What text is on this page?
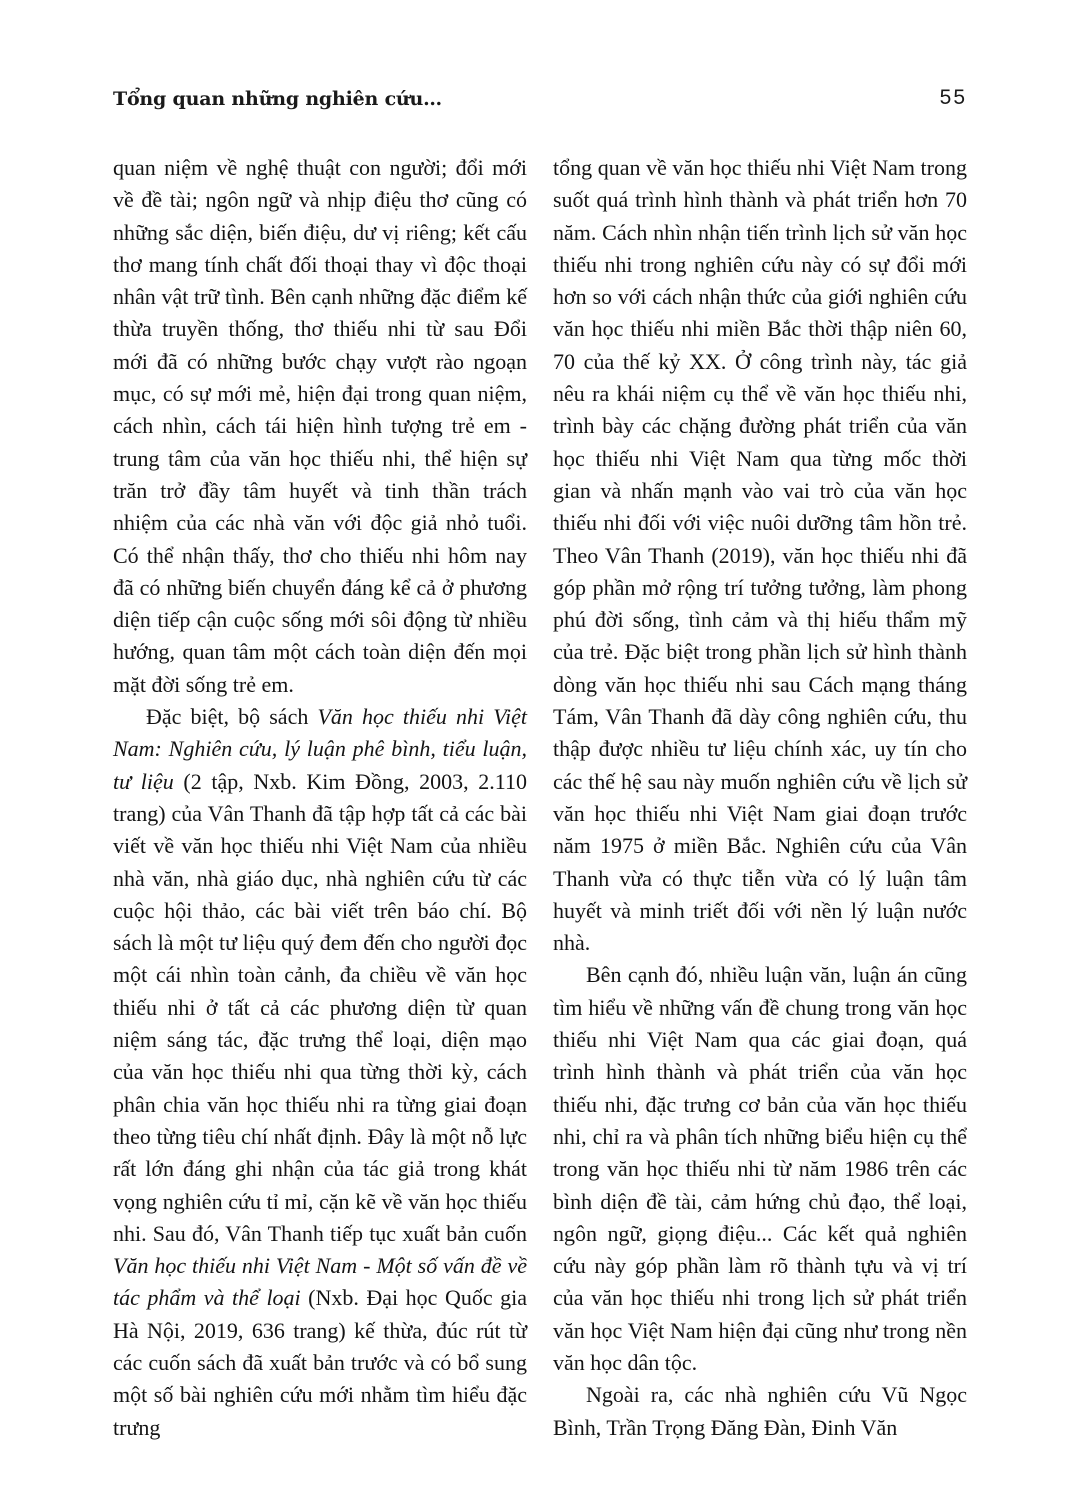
Tổng quan những nghiên cứu…	55

quan niệm về nghệ thuật con người; đổi mới về đề tài; ngôn ngữ và nhịp điệu thơ cũng có những sắc diện, biến điệu, dư vị riêng; kết cấu thơ mang tính chất đối thoại thay vì độc thoại nhân vật trữ tình. Bên cạnh những đặc điểm kế thừa truyền thống, thơ thiếu nhi từ sau Đổi mới đã có những bước chạy vượt rào ngoạn mục, có sự mới mẻ, hiện đại trong quan niệm, cách nhìn, cách tái hiện hình tượng trẻ em - trung tâm của văn học thiếu nhi, thể hiện sự trăn trở đầy tâm huyết và tinh thần trách nhiệm của các nhà văn với độc giả nhỏ tuổi. Có thể nhận thấy, thơ cho thiếu nhi hôm nay đã có những biến chuyển đáng kể cả ở phương diện tiếp cận cuộc sống mới sôi động từ nhiều hướng, quan tâm một cách toàn diện đến mọi mặt đời sống trẻ em.

Đặc biệt, bộ sách Văn học thiếu nhi Việt Nam: Nghiên cứu, lý luận phê bình, tiểu luận, tư liệu (2 tập, Nxb. Kim Đồng, 2003, 2.110 trang) của Vân Thanh đã tập hợp tất cả các bài viết về văn học thiếu nhi Việt Nam của nhiều nhà văn, nhà giáo dục, nhà nghiên cứu từ các cuộc hội thảo, các bài viết trên báo chí. Bộ sách là một tư liệu quý đem đến cho người đọc một cái nhìn toàn cảnh, đa chiều về văn học thiếu nhi ở tất cả các phương diện từ quan niệm sáng tác, đặc trưng thể loại, diện mạo của văn học thiếu nhi qua từng thời kỳ, cách phân chia văn học thiếu nhi ra từng giai đoạn theo từng tiêu chí nhất định. Đây là một nỗ lực rất lớn đáng ghi nhận của tác giả trong khát vọng nghiên cứu tỉ mỉ, cặn kẽ về văn học thiếu nhi. Sau đó, Vân Thanh tiếp tục xuất bản cuốn Văn học thiếu nhi Việt Nam - Một số vấn đề về tác phẩm và thể loại (Nxb. Đại học Quốc gia Hà Nội, 2019, 636 trang) kế thừa, đúc rút từ các cuốn sách đã xuất bản trước và có bổ sung một số bài nghiên cứu mới nhằm tìm hiểu đặc trưng

tổng quan về văn học thiếu nhi Việt Nam trong suốt quá trình hình thành và phát triển hơn 70 năm. Cách nhìn nhận tiến trình lịch sử văn học thiếu nhi trong nghiên cứu này có sự đổi mới hơn so với cách nhận thức của giới nghiên cứu văn học thiếu nhi miền Bắc thời thập niên 60, 70 của thế kỷ XX. Ở công trình này, tác giả nêu ra khái niệm cụ thể về văn học thiếu nhi, trình bày các chặng đường phát triển của văn học thiếu nhi Việt Nam qua từng mốc thời gian và nhấn mạnh vào vai trò của văn học thiếu nhi đối với việc nuôi dưỡng tâm hồn trẻ. Theo Vân Thanh (2019), văn học thiếu nhi đã góp phần mở rộng trí tưởng tưởng, làm phong phú đời sống, tình cảm và thị hiếu thẩm mỹ của trẻ. Đặc biệt trong phần lịch sử hình thành dòng văn học thiếu nhi sau Cách mạng tháng Tám, Vân Thanh đã dày công nghiên cứu, thu thập được nhiều tư liệu chính xác, uy tín cho các thế hệ sau này muốn nghiên cứu về lịch sử văn học thiếu nhi Việt Nam giai đoạn trước năm 1975 ở miền Bắc. Nghiên cứu của Vân Thanh vừa có thực tiễn vừa có lý luận tâm huyết và minh triết đối với nền lý luận nước nhà.

Bên cạnh đó, nhiều luận văn, luận án cũng tìm hiểu về những vấn đề chung trong văn học thiếu nhi Việt Nam qua các giai đoạn, quá trình hình thành và phát triển của văn học thiếu nhi, đặc trưng cơ bản của văn học thiếu nhi, chỉ ra và phân tích những biểu hiện cụ thể trong văn học thiếu nhi từ năm 1986 trên các bình diện đề tài, cảm hứng chủ đạo, thể loại, ngôn ngữ, giọng điệu... Các kết quả nghiên cứu này góp phần làm rõ thành tựu và vị trí của văn học thiếu nhi trong lịch sử phát triển văn học Việt Nam hiện đại cũng như trong nền văn học dân tộc.

Ngoài ra, các nhà nghiên cứu Vũ Ngọc Bình, Trần Trọng Đăng Đàn, Đinh Văn
